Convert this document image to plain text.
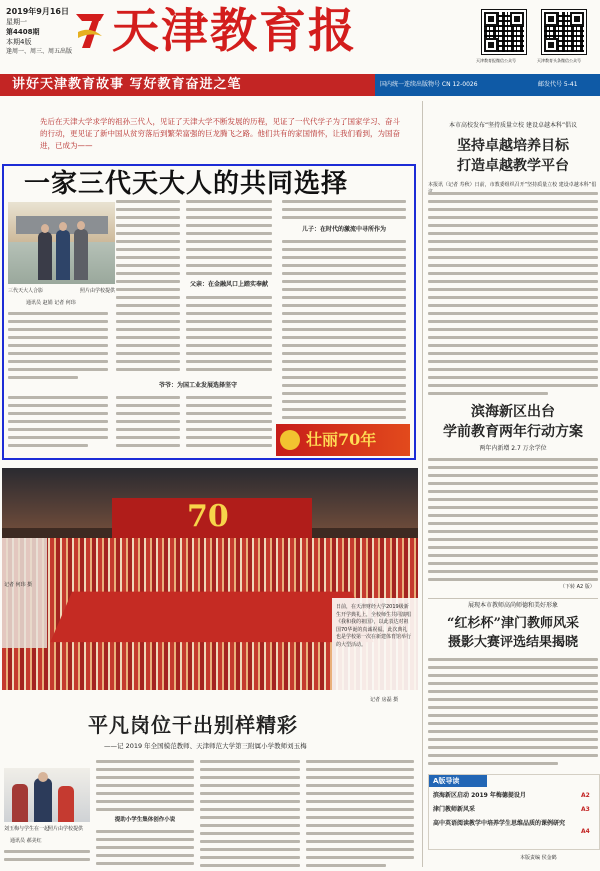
2019年9月16日
星期一
第4408期
本期4版
逢周一、周三、周五出版 天津教育报
天津教育报微信公众号	天津教育头条微信公众号
讲好天津教育故事 写好教育奋进之笔	国内统一连续出版物号 CN 12-0026	邮发代号 5-41
先后在天津大学求学的祖孙三代人，见证了天津大学不断发展的历程，见证了一代代学子为了国家学习、奋斗的行动，更见证了新中国从贫穷落后到繁荣富强的巨龙腾飞之路。他们共有的家国情怀，让我们看到，为国奋进，已成为——
一家三代天大人的共同选择
三代天大人合影	照片由学校提供
通讯员 赵娟 记者 何玮
爷爷：为国工业发展选择坚守
父亲：在金融风口上踏实奉献
儿子：在时代的激流中寻所作为
壮丽70年
本市高校发布“坚持质量立校 建设卓越本科”倡议
坚持卓越培养目标
打造卓越教学平台
本报讯（记者 寿秋）日前，市教委组织召开“坚持质量立校 建设卓越本科”倡
滨海新区出台
学前教育两年行动方案
两年内新增 2.7 万余学位
（下转 A2 版）
展现本市教师高尚师德和美好形象
“红杉杯”津门教师风采
摄影大赛评选结果揭晓
A版导读
滨海新区启动 2019 年梅德提设月	A2
津门教师新风采	A3
高中英语阅读教学中培养学生思维品质的课例研究
A4
本版责编 侯金鹤
70
日前，在天津财经大学2019级新生开学典礼上，全校师生共同演唱《我和我的祖国》，以此表达对祖国70华诞的真诚祝福。此次典礼也是学校第一次在新建体育馆举行的大型活动。
记者 房磊 摄
记者 何玮 摄
平凡岗位干出别样精彩
——记 2019 年全国模范教师、天津师范大学第三附属小学教师刘玉梅
刘玉梅与学生在一起
照片由学校提供
通讯员 郝美红
提助小学生集体创作小说
